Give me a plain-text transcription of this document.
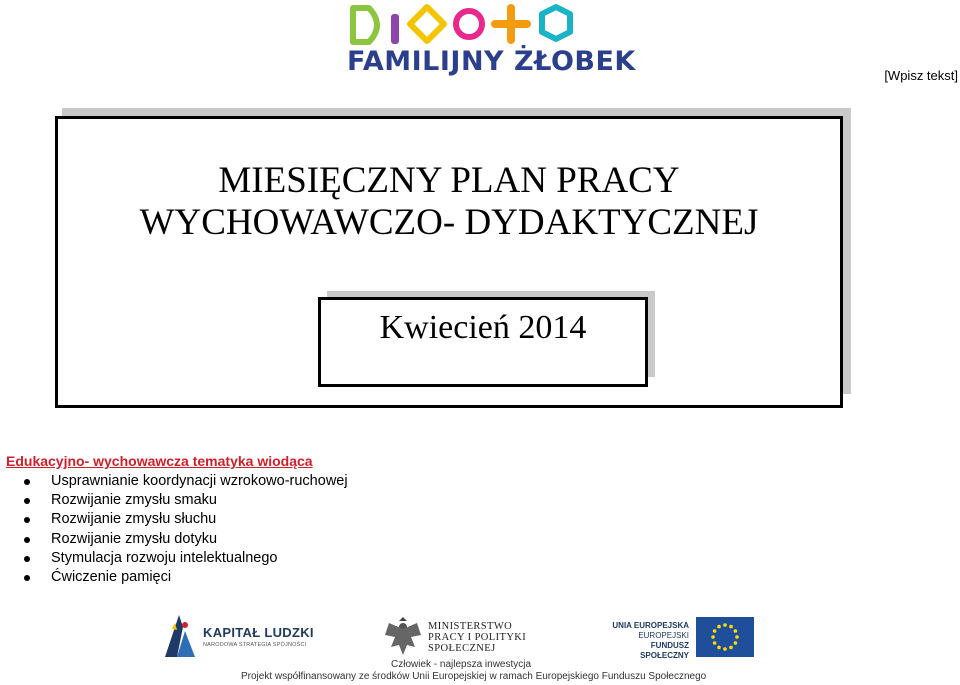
FAMILIJNY ŻŁOBEK	[Wpisz tekst]
MIESIĘCZNY PLAN PRACY
WYCHOWAWCZO- DYDAKTYCZNEJ
Kwiecień 2014
Edukacyjno- wychowawcza tematyka wiodąca
Usprawnianie koordynacji wzrokowo-ruchowej
Rozwijanie zmysłu smaku
Rozwijanie zmysłu słuchu
Rozwijanie zmysłu dotyku
Stymulacja rozwoju intelektualnego
Ćwiczenie pamięci
KAPITAŁ LUDZKI
NARODOWA STRATEGIA SPÓJNOŚCI
MINISTERSTWO
PRACY I POLITYKI
SPOŁECZNEJ
UNIA EUROPEJSKA
EUROPEJSKI
FUNDUSZ SPOŁECZNY
Człowiek - najlepsza inwestycja
Projekt współfinansowany ze środków Unii Europejskiej w ramach Europejskiego Funduszu Społecznego
